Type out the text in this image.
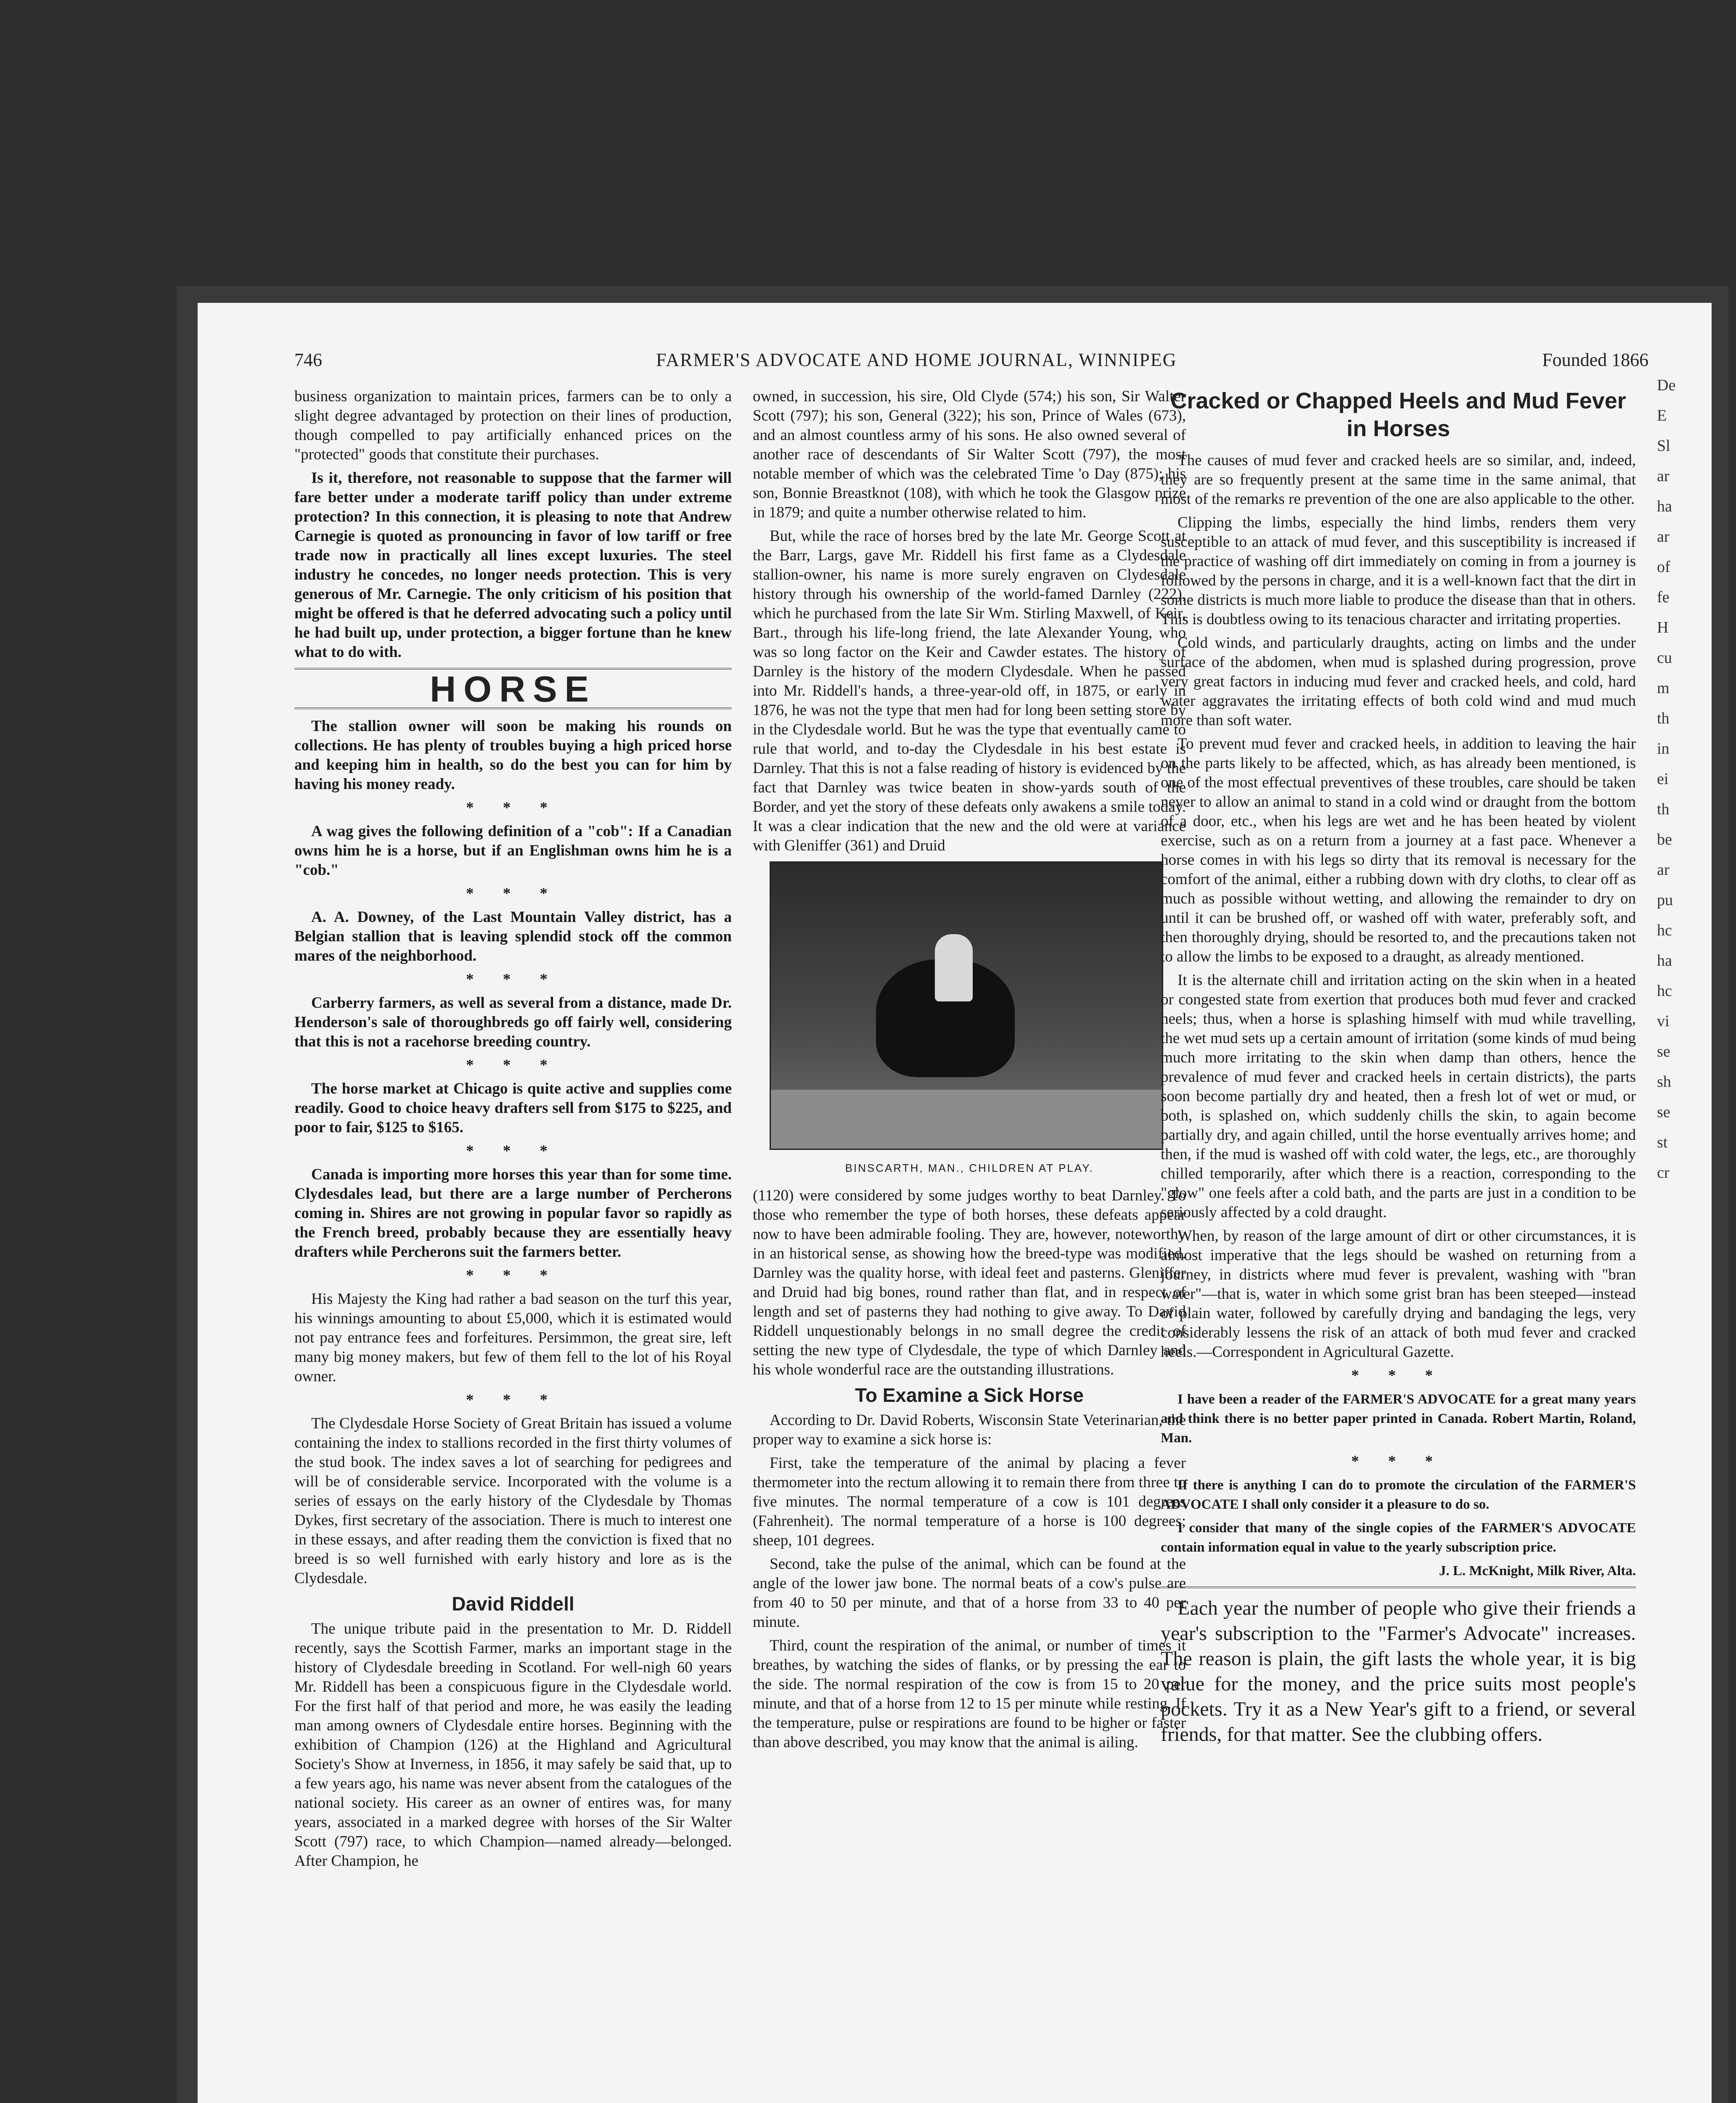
746	FARMER'S ADVOCATE AND HOME JOURNAL, WINNIPEG	Founded 1866

business organization to maintain prices, farmers can be to only a slight degree advantaged by protection on their lines of production, though compelled to pay artificially enhanced prices on the "protected" goods that constitute their purchases.

Is it, therefore, not reasonable to suppose that the farmer will fare better under a moderate tariff policy than under extreme protection? In this connection, it is pleasing to note that Andrew Carnegie is quoted as pronouncing in favor of low tariff or free trade now in practically all lines except luxuries. The steel industry he concedes, no longer needs protection. This is very generous of Mr. Carnegie. The only criticism of his position that might be offered is that he deferred advocating such a policy until he had built up, under protection, a bigger fortune than he knew what to do with.

HORSE

The stallion owner will soon be making his rounds on collections. He has plenty of troubles buying a high priced horse and keeping him in health, so do the best you can for him by having his money ready.

* * *

A wag gives the following definition of a "cob": If a Canadian owns him he is a horse, but if an Englishman owns him he is a "cob."

* * *

A. A. Downey, of the Last Mountain Valley district, has a Belgian stallion that is leaving splendid stock off the common mares of the neighborhood.

* * *

Carberry farmers, as well as several from a distance, made Dr. Henderson's sale of thoroughbreds go off fairly well, considering that this is not a racehorse breeding country.

* * *

The horse market at Chicago is quite active and supplies come readily. Good to choice heavy drafters sell from $175 to $225, and poor to fair, $125 to $165.

* * *

Canada is importing more horses this year than for some time. Clydesdales lead, but there are a large number of Percherons coming in. Shires are not growing in popular favor so rapidly as the French breed, probably because they are essentially heavy drafters while Percherons suit the farmers better.

* * *

His Majesty the King had rather a bad season on the turf this year, his winnings amounting to about £5,000, which it is estimated would not pay entrance fees and forfeitures. Persimmon, the great sire, left many big money makers, but few of them fell to the lot of his Royal owner.

* * *

The Clydesdale Horse Society of Great Britain has issued a volume containing the index to stallions recorded in the first thirty volumes of the stud book. The index saves a lot of searching for pedigrees and will be of considerable service. Incorporated with the volume is a series of essays on the early history of the Clydesdale by Thomas Dykes, first secretary of the association. There is much to interest one in these essays, and after reading them the conviction is fixed that no breed is so well furnished with early history and lore as is the Clydesdale.

David Riddell

The unique tribute paid in the presentation to Mr. D. Riddell recently, says the Scottish Farmer, marks an important stage in the history of Clydesdale breeding in Scotland. For well-nigh 60 years Mr. Riddell has been a conspicuous figure in the Clydesdale world. For the first half of that period and more, he was easily the leading man among owners of Clydesdale entire horses. Beginning with the exhibition of Champion (126) at the Highland and Agricultural Society's Show at Inverness, in 1856, it may safely be said that, up to a few years ago, his name was never absent from the catalogues of the national society. His career as an owner of entires was, for many years, associated in a marked degree with horses of the Sir Walter Scott (797) race, to which Champion—named already—belonged. After Champion, he

owned, in succession, his sire, Old Clyde (574;) his son, Sir Walter Scott (797); his son, General (322); his son, Prince of Wales (673), and an almost countless army of his sons. He also owned several of another race of descendants of Sir Walter Scott (797), the most notable member of which was the celebrated Time 'o Day (875); his son, Bonnie Breastknot (108), with which he took the Glasgow prize in 1879; and quite a number otherwise related to him.

But, while the race of horses bred by the late Mr. George Scott at the Barr, Largs, gave Mr. Riddell his first fame as a Clydesdale stallion-owner, his name is more surely engraven on Clydesdale history through his ownership of the world-famed Darnley (222), which he purchased from the late Sir Wm. Stirling Maxwell, of Keir, Bart., through his life-long friend, the late Alexander Young, who was so long factor on the Keir and Cawder estates. The history of Darnley is the history of the modern Clydesdale. When he passed into Mr. Riddell's hands, a three-year-old off, in 1875, or early in 1876, he was not the type that men had for long been setting store by in the Clydesdale world. But he was the type that eventually came to rule that world, and to-day the Clydesdale in his best estate is Darnley. That this is not a false reading of history is evidenced by the fact that Darnley was twice beaten in show-yards south of the Border, and yet the story of these defeats only awakens a smile today. It was a clear indication that the new and the old were at variance with Gleniffer (361) and Druid

BINSCARTH, MAN., CHILDREN AT PLAY.

(1120) were considered by some judges worthy to beat Darnley. To those who remember the type of both horses, these defeats appear now to have been admirable fooling. They are, however, noteworthy in an historical sense, as showing how the breed-type was modified. Darnley was the quality horse, with ideal feet and pasterns. Gleniffer and Druid had big bones, round rather than flat, and in respect of length and set of pasterns they had nothing to give away. To David Riddell unquestionably belongs in no small degree the credit of setting the new type of Clydesdale, the type of which Darnley and his whole wonderful race are the outstanding illustrations.

To Examine a Sick Horse

According to Dr. David Roberts, Wisconsin State Veterinarian, the proper way to examine a sick horse is:

First, take the temperature of the animal by placing a fever thermometer into the rectum allowing it to remain there from three to five minutes. The normal temperature of a cow is 101 degrees (Fahrenheit). The normal temperature of a horse is 100 degrees; sheep, 101 degrees.

Second, take the pulse of the animal, which can be found at the angle of the lower jaw bone. The normal beats of a cow's pulse are from 40 to 50 per minute, and that of a horse from 33 to 40 per minute.

Third, count the respiration of the animal, or number of times it breathes, by watching the sides of flanks, or by pressing the ear to the side. The normal respiration of the cow is from 15 to 20 per minute, and that of a horse from 12 to 15 per minute while resting. If the temperature, pulse or respirations are found to be higher or faster than above described, you may know that the animal is ailing.

Cracked or Chapped Heels and Mud Fever in Horses

The causes of mud fever and cracked heels are so similar, and, indeed, they are so frequently present at the same time in the same animal, that most of the remarks re prevention of the one are also applicable to the other.

Clipping the limbs, especially the hind limbs, renders them very susceptible to an attack of mud fever, and this susceptibility is increased if the practice of washing off dirt immediately on coming in from a journey is followed by the persons in charge, and it is a well-known fact that the dirt in some districts is much more liable to produce the disease than that in others. This is doubtless owing to its tenacious character and irritating properties.

Cold winds, and particularly draughts, acting on limbs and the under surface of the abdomen, when mud is splashed during progression, prove very great factors in inducing mud fever and cracked heels, and cold, hard water aggravates the irritating effects of both cold wind and mud much more than soft water.

To prevent mud fever and cracked heels, in addition to leaving the hair on the parts likely to be affected, which, as has already been mentioned, is one of the most effectual preventives of these troubles, care should be taken never to allow an animal to stand in a cold wind or draught from the bottom of a door, etc., when his legs are wet and he has been heated by violent exercise, such as on a return from a journey at a fast pace. Whenever a horse comes in with his legs so dirty that its removal is necessary for the comfort of the animal, either a rubbing down with dry cloths, to clear off as much as possible without wetting, and allowing the remainder to dry on until it can be brushed off, or washed off with water, preferably soft, and then thoroughly drying, should be resorted to, and the precautions taken not to allow the limbs to be exposed to a draught, as already mentioned.

It is the alternate chill and irritation acting on the skin when in a heated or congested state from exertion that produces both mud fever and cracked heels; thus, when a horse is splashing himself with mud while travelling, the wet mud sets up a certain amount of irritation (some kinds of mud being much more irritating to the skin when damp than others, hence the prevalence of mud fever and cracked heels in certain districts), the parts soon become partially dry and heated, then a fresh lot of wet or mud, or both, is splashed on, which suddenly chills the skin, to again become partially dry, and again chilled, until the horse eventually arrives home; and then, if the mud is washed off with cold water, the legs, etc., are thoroughly chilled temporarily, after which there is a reaction, corresponding to the "glow" one feels after a cold bath, and the parts are just in a condition to be seriously affected by a cold draught.

When, by reason of the large amount of dirt or other circumstances, it is almost imperative that the legs should be washed on returning from a journey, in districts where mud fever is prevalent, washing with "bran water"—that is, water in which some grist bran has been steeped—instead of plain water, followed by carefully drying and bandaging the legs, very considerably lessens the risk of an attack of both mud fever and cracked heels.—Correspondent in Agricultural Gazette.

* * *

I have been a reader of the FARMER'S ADVOCATE for a great many years and think there is no better paper printed in Canada. Robert Martin, Roland, Man.

* * *

If there is anything I can do to promote the circulation of the FARMER'S ADVOCATE I shall only consider it a pleasure to do so.

I consider that many of the single copies of the FARMER'S ADVOCATE contain information equal in value to the yearly subscription price.

J. L. McKnight, Milk River, Alta.

Each year the number of people who give their friends a year's subscription to the "Farmer's Advocate" increases. The reason is plain, the gift lasts the whole year, it is big value for the money, and the price suits most people's pockets. Try it as a New Year's gift to a friend, or several friends, for that matter. See the clubbing offers.

De
E
Sl
ar
ha
ar
of
fe
H
cu
m
th
in
ei
th
be
ar
pu
hc
ha
hc
vi
se
sh
se
st
cr
